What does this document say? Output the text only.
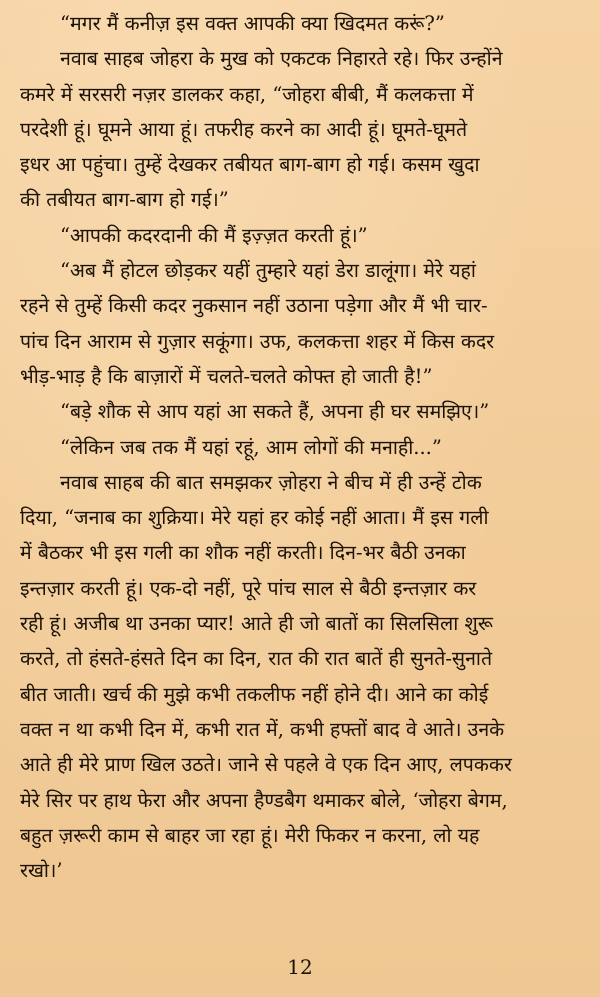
“मगर मैं कनीज़ इस वक्त आपकी क्या खिदमत करूं?”
नवाब साहब जोहरा के मुख को एकटक निहारते रहे। फिर उन्होंने
कमरे में सरसरी नज़र डालकर कहा, “जोहरा बीबी, मैं कलकत्ता में
परदेशी हूं। घूमने आया हूं। तफरीह करने का आदी हूं। घूमते-घूमते
इधर आ पहुंचा। तुम्हें देखकर तबीयत बाग-बाग हो गई। कसम खुदा
की तबीयत बाग-बाग हो गई।”
“आपकी कदरदानी की मैं इज़्ज़त करती हूं।”
“अब मैं होटल छोड़कर यहीं तुम्हारे यहां डेरा डालूंगा। मेरे यहां
रहने से तुम्हें किसी कदर नुकसान नहीं उठाना पड़ेगा और मैं भी चार-
पांच दिन आराम से गुज़ार सकूंगा। उफ, कलकत्ता शहर में किस कदर
भीड़-भाड़ है कि बाज़ारों में चलते-चलते कोफ्त हो जाती है!”
“बड़े शौक से आप यहां आ सकते हैं, अपना ही घर समझिए।”
“लेकिन जब तक मैं यहां रहूं, आम लोगों की मनाही...”
नवाब साहब की बात समझकर ज़ोहरा ने बीच में ही उन्हें टोक
दिया, “जनाब का शुक्रिया। मेरे यहां हर कोई नहीं आता। मैं इस गली
में बैठकर भी इस गली का शौक नहीं करती। दिन-भर बैठी उनका
इन्तज़ार करती हूं। एक-दो नहीं, पूरे पांच साल से बैठी इन्तज़ार कर
रही हूं। अजीब था उनका प्यार! आते ही जो बातों का सिलसिला शुरू
करते, तो हंसते-हंसते दिन का दिन, रात की रात बातें ही सुनते-सुनाते
बीत जाती। खर्च की मुझे कभी तकलीफ नहीं होने दी। आने का कोई
वक्त न था कभी दिन में, कभी रात में, कभी हफ्तों बाद वे आते। उनके
आते ही मेरे प्राण खिल उठते। जाने से पहले वे एक दिन आए, लपककर
मेरे सिर पर हाथ फेरा और अपना हैण्डबैग थमाकर बोले, ‘जोहरा बेगम,
बहुत ज़रूरी काम से बाहर जा रहा हूं। मेरी फिकर न करना, लो यह
रखो।’
12
